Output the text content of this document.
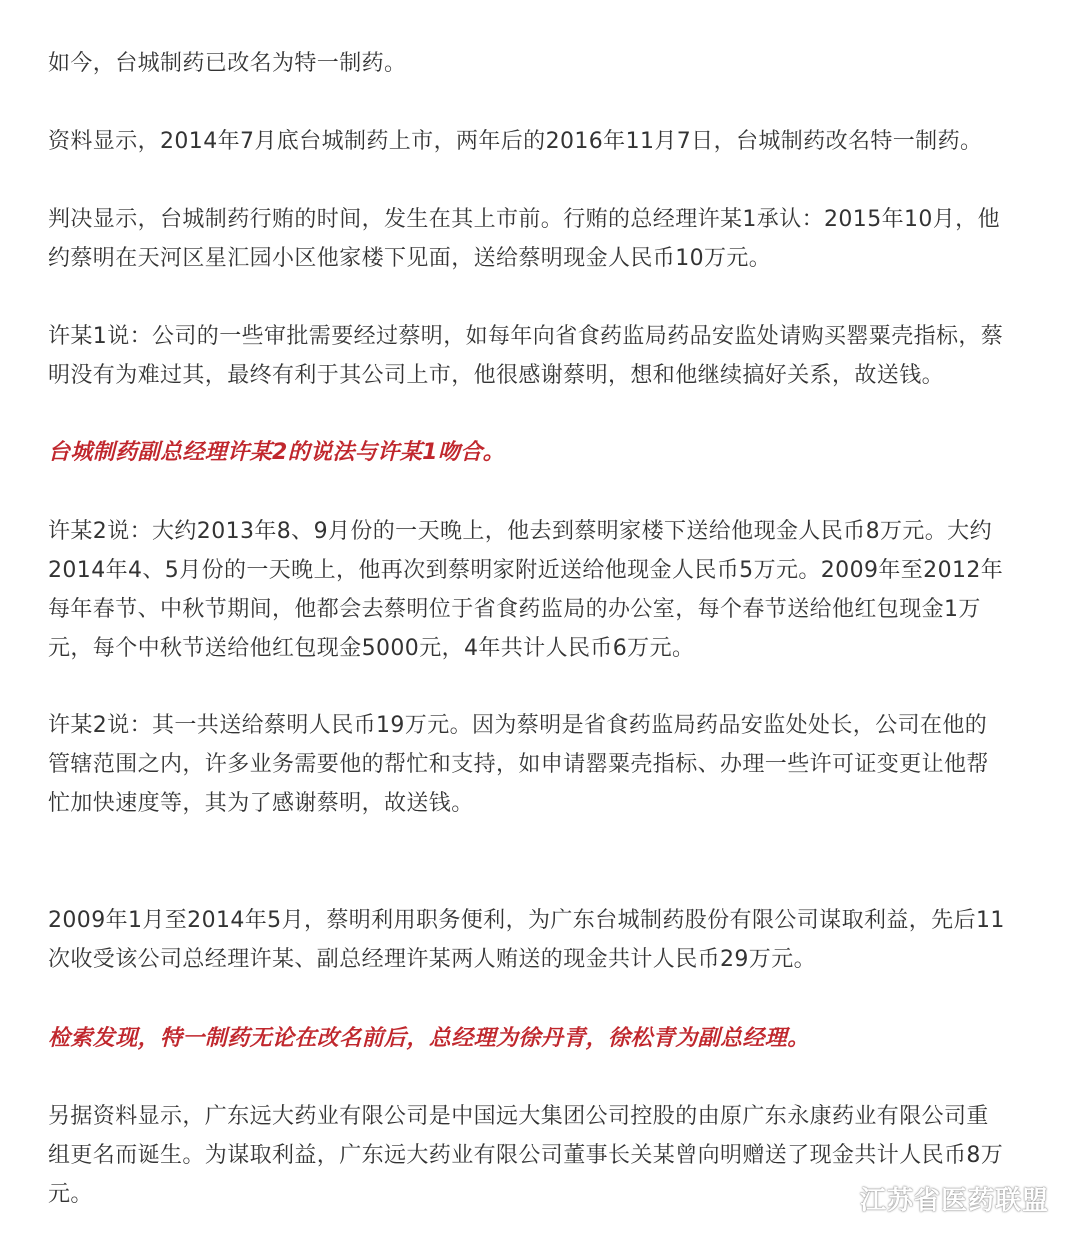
如今，台城制药已改名为特一制药。

资料显示，2014年7月底台城制药上市，两年后的2016年11月7日，台城制药改名特一制药。

判决显示，台城制药行贿的时间，发生在其上市前。行贿的总经理许某1承认：2015年10月，他
约蔡明在天河区星汇园小区他家楼下见面，送给蔡明现金人民币10万元。

许某1说：公司的一些审批需要经过蔡明，如每年向省食药监局药品安监处请购买罂粟壳指标，蔡
明没有为难过其，最终有利于其公司上市，他很感谢蔡明，想和他继续搞好关系，故送钱。

台城制药副总经理许某2的说法与许某1吻合。

许某2说：大约2013年8、9月份的一天晚上，他去到蔡明家楼下送给他现金人民币8万元。大约
2014年4、5月份的一天晚上，他再次到蔡明家附近送给他现金人民币5万元。2009年至2012年
每年春节、中秋节期间，他都会去蔡明位于省食药监局的办公室，每个春节送给他红包现金1万
元，每个中秋节送给他红包现金5000元，4年共计人民币6万元。

许某2说：其一共送给蔡明人民币19万元。因为蔡明是省食药监局药品安监处处长，公司在他的
管辖范围之内，许多业务需要他的帮忙和支持，如申请罂粟壳指标、办理一些许可证变更让他帮
忙加快速度等，其为了感谢蔡明，故送钱。

2009年1月至2014年5月，蔡明利用职务便利，为广东台城制药股份有限公司谋取利益，先后11
次收受该公司总经理许某、副总经理许某两人贿送的现金共计人民币29万元。

检索发现，特一制药无论在改名前后，总经理为徐丹青，徐松青为副总经理。

另据资料显示，广东远大药业有限公司是中国远大集团公司控股的由原广东永康药业有限公司重
组更名而诞生。为谋取利益，广东远大药业有限公司董事长关某曾向明赠送了现金共计人民币8万
元。	江苏省医药联盟
